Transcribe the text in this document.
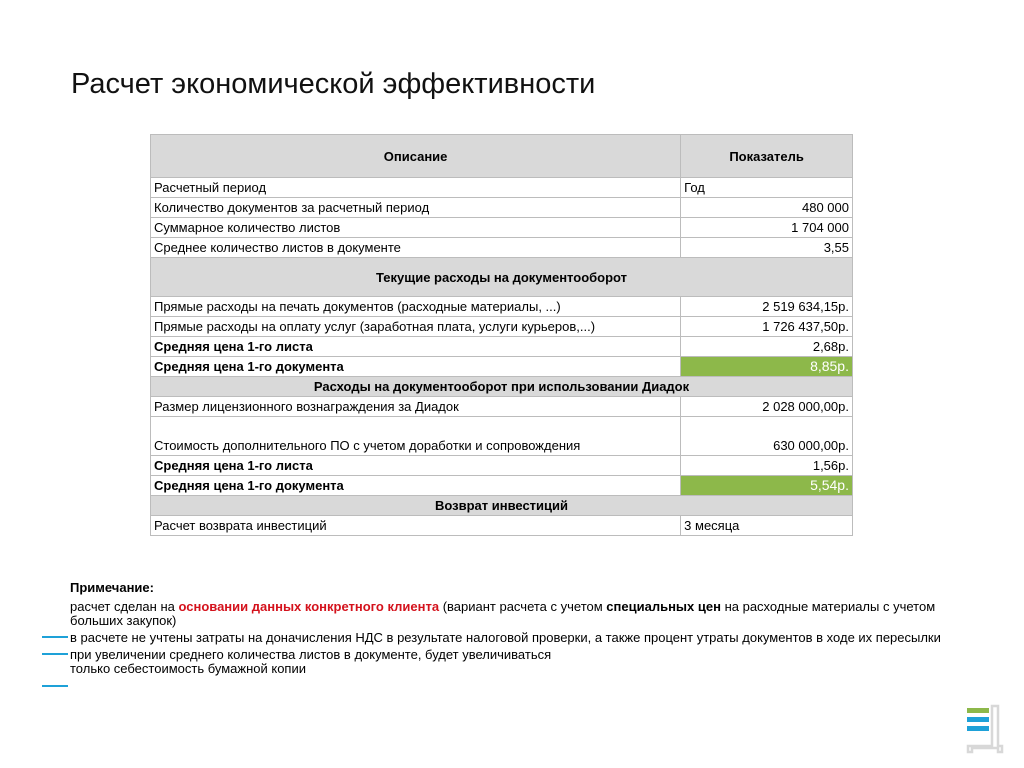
Расчет экономической эффективности
Описание	Показатель
Расчетный период	Год
Количество документов за расчетный период	480 000
Суммарное количество листов	1 704 000
Среднее количество листов в документе	3,55
Текущие расходы на документооборот	
Прямые расходы на печать документов (расходные материалы, ...)	2 519 634,15р.
Прямые расходы на оплату услуг (заработная плата, услуги курьеров,...)	1 726 437,50р.
Средняя цена 1-го листа	2,68р.
Средняя цена 1-го документа	8,85р.
Расходы на документооборот при использовании Диадок	
Размер лицензионного вознаграждения за Диадок	2 028 000,00р.
Стоимость дополнительного ПО с учетом доработки и сопровождения	630 000,00р.
Средняя цена 1-го листа	1,56р.
Средняя цена 1-го документа	5,54р.
Возврат инвестиций	
Расчет возврата инвестиций	3 месяца
Примечание:
расчет сделан на основании данных конкретного клиента (вариант расчета с учетом специальных цен на расходные материалы с учетом больших закупок)
в расчете не учтены затраты на доначисления НДС в результате налоговой проверки, а также процент утраты документов в ходе их пересылки
при увеличении среднего количества листов в документе, будет увеличиваться
только себестоимость бумажной копии
